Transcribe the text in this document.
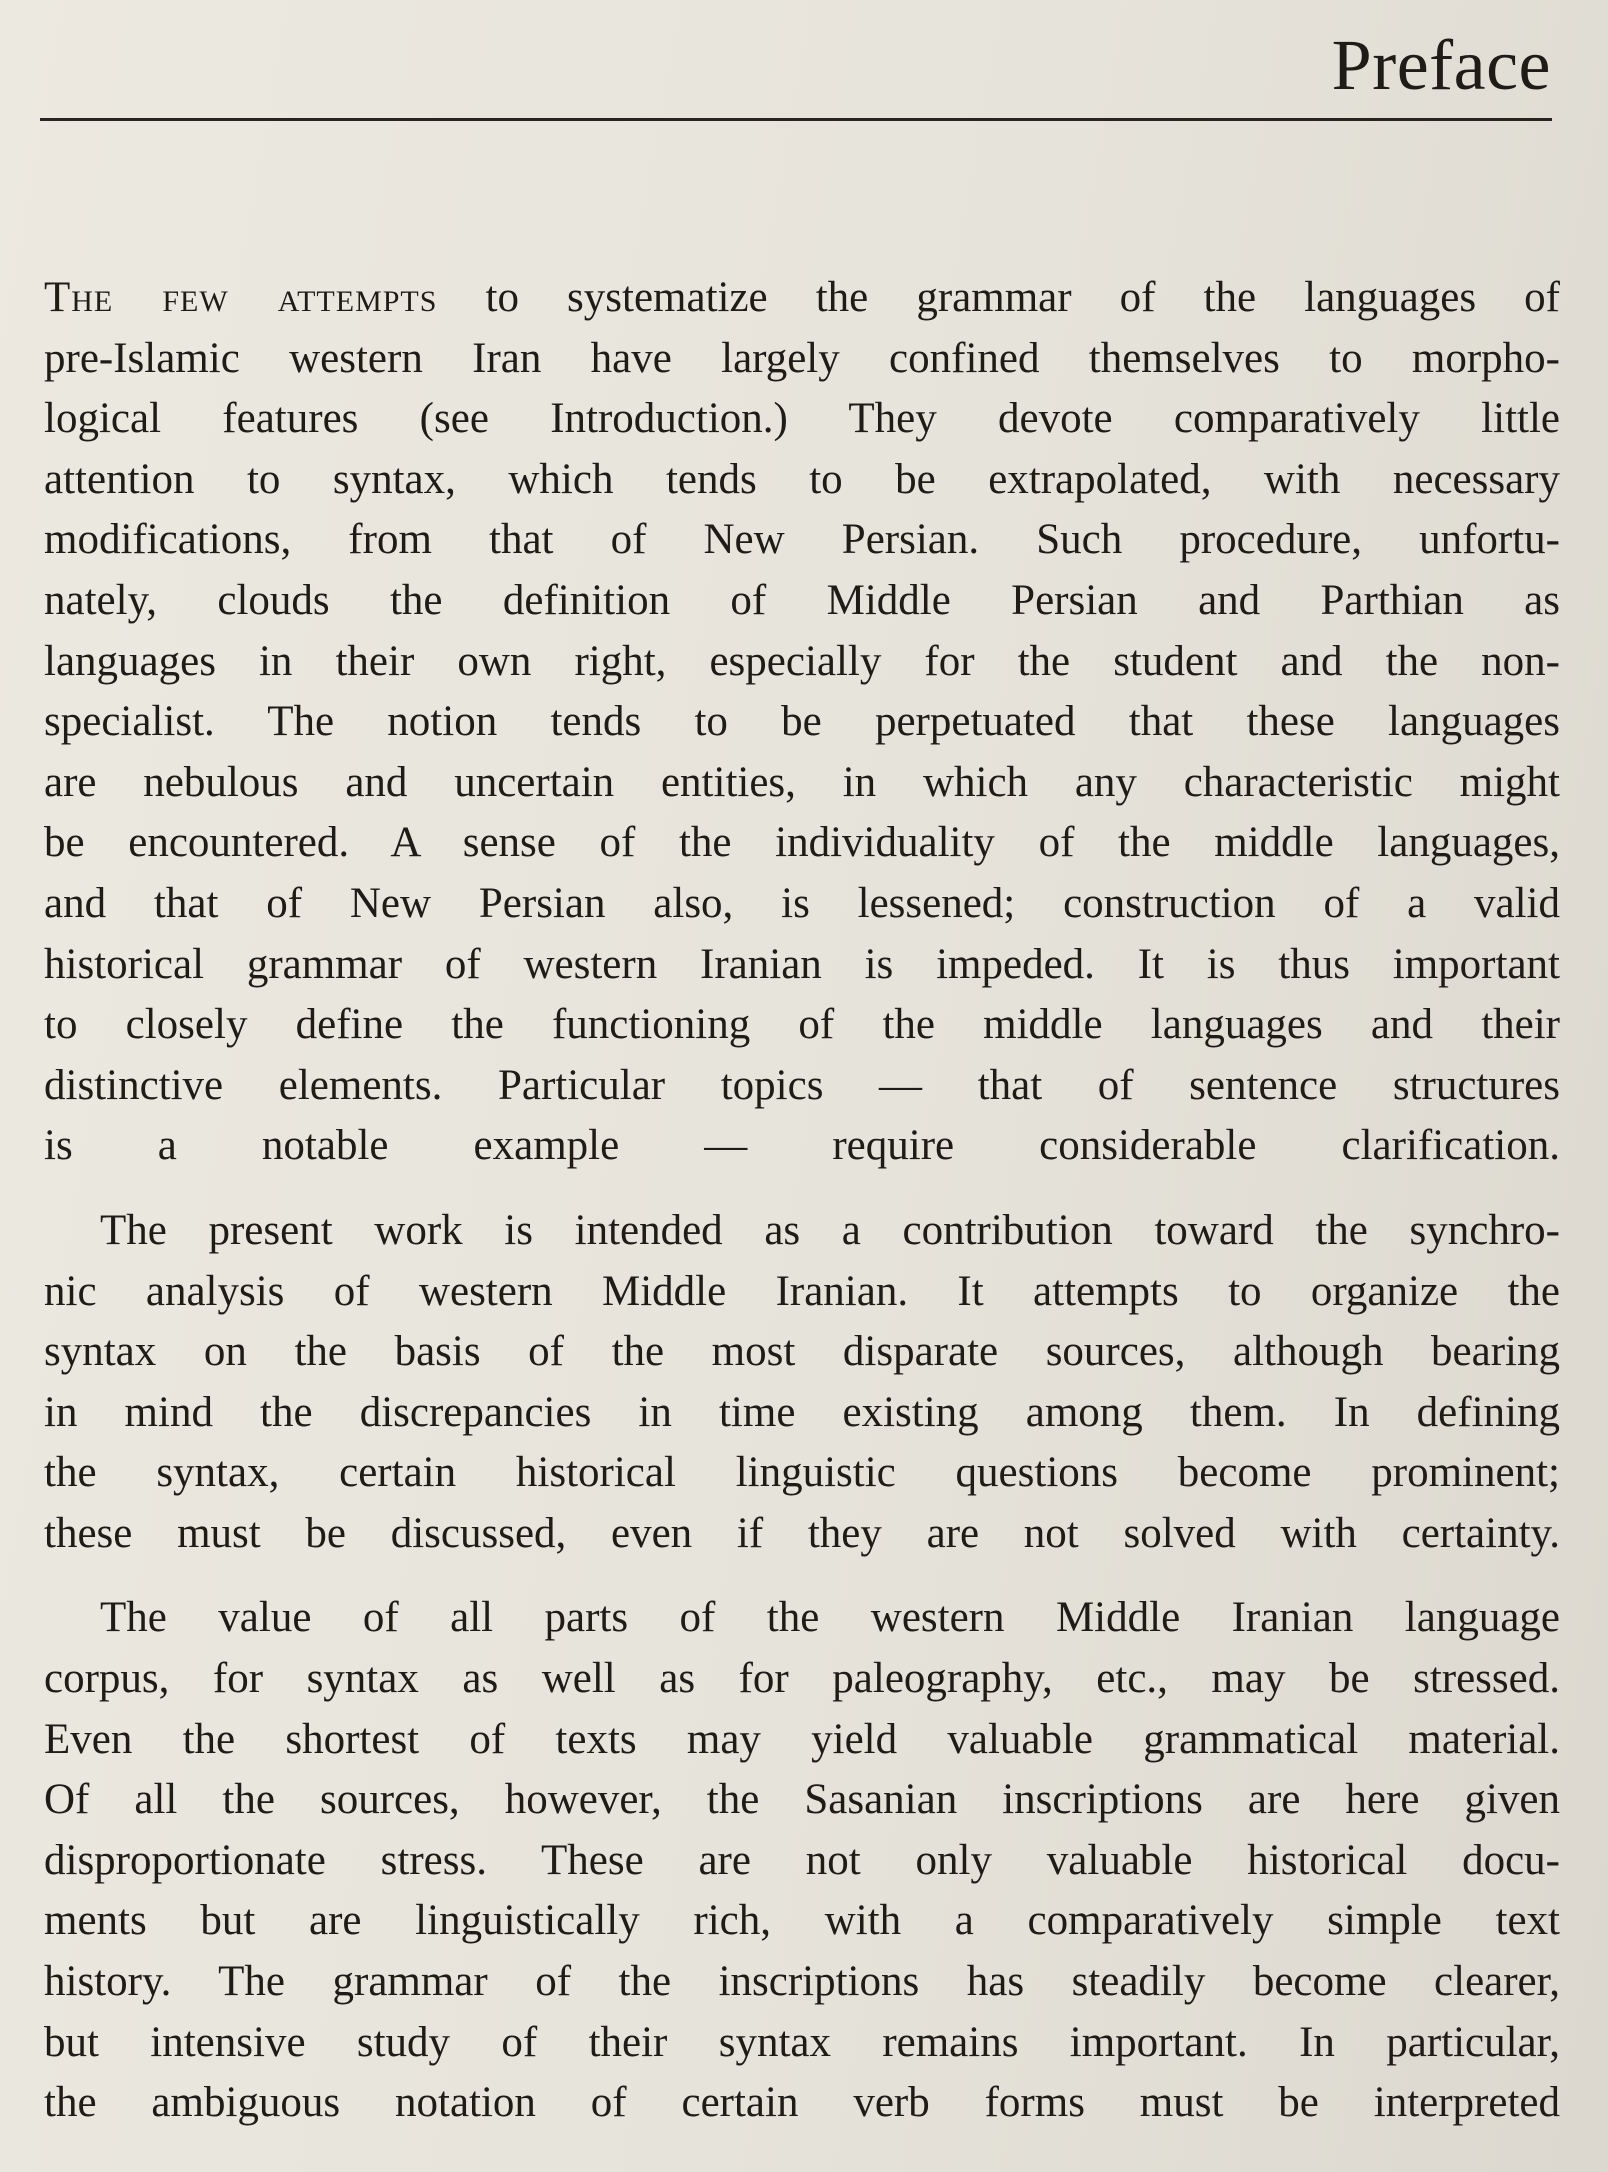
Preface

The few attempts to systematize the grammar of the languages of
pre-Islamic western Iran have largely confined themselves to morpho-
logical features (see Introduction.) They devote comparatively little
attention to syntax, which tends to be extrapolated, with necessary
modifications, from that of New Persian. Such procedure, unfortu-
nately, clouds the definition of Middle Persian and Parthian as
languages in their own right, especially for the student and the non-
specialist. The notion tends to be perpetuated that these languages
are nebulous and uncertain entities, in which any characteristic might
be encountered. A sense of the individuality of the middle languages,
and that of New Persian also, is lessened; construction of a valid
historical grammar of western Iranian is impeded. It is thus important
to closely define the functioning of the middle languages and their
distinctive elements. Particular topics — that of sentence structures
is a notable example — require considerable clarification.

The present work is intended as a contribution toward the synchro-
nic analysis of western Middle Iranian. It attempts to organize the
syntax on the basis of the most disparate sources, although bearing
in mind the discrepancies in time existing among them. In defining
the syntax, certain historical linguistic questions become prominent;
these must be discussed, even if they are not solved with certainty.

The value of all parts of the western Middle Iranian language
corpus, for syntax as well as for paleography, etc., may be stressed.
Even the shortest of texts may yield valuable grammatical material.
Of all the sources, however, the Sasanian inscriptions are here given
disproportionate stress. These are not only valuable historical docu-
ments but are linguistically rich, with a comparatively simple text
history. The grammar of the inscriptions has steadily become clearer,
but intensive study of their syntax remains important. In particular,
the ambiguous notation of certain verb forms must be interpreted
